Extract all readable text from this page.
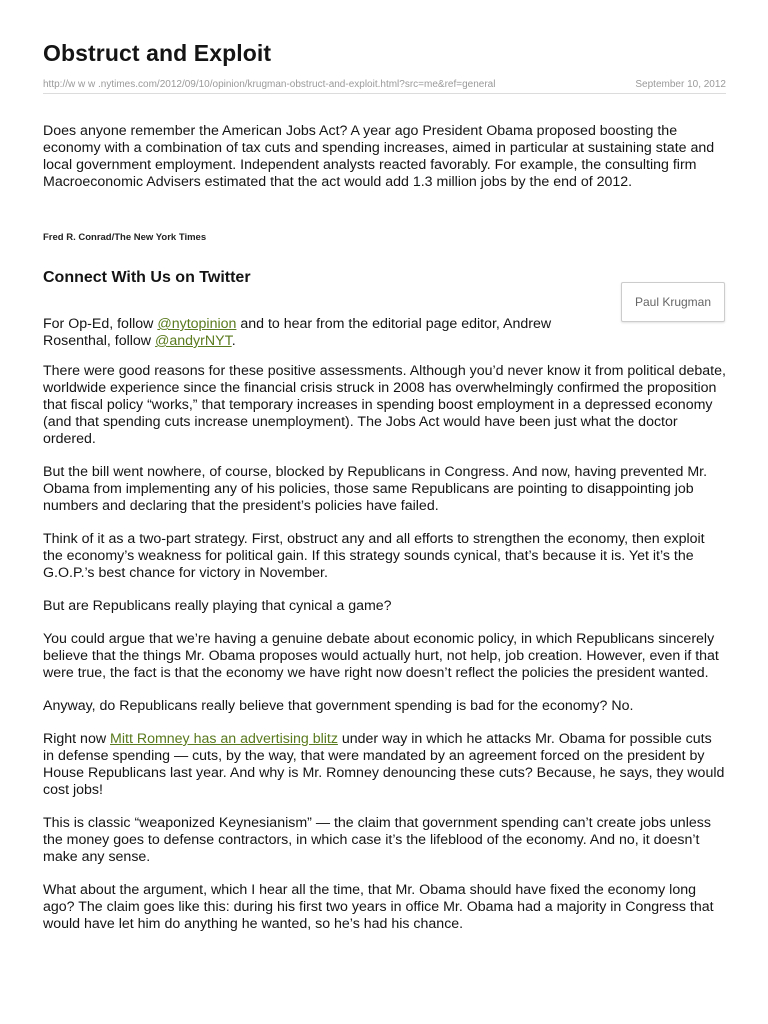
Obstruct and Exploit
http://w w w .nytimes.com/2012/09/10/opinion/krugman-obstruct-and-exploit.html?src=me&ref=general	September 10, 2012

Does anyone remember the American Jobs Act? A year ago President Obama proposed boosting the economy with a combination of tax cuts and spending increases, aimed in particular at sustaining state and local government employment. Independent analysts reacted favorably. For example, the consulting firm Macroeconomic Advisers estimated that the act would add 1.3 million jobs by the end of 2012.

Fred R. Conrad/The New York Times
Connect With Us on Twitter
Paul Krugman

For Op-Ed, follow @nytopinion and to hear from the editorial page editor, Andrew Rosenthal, follow @andyrNYT.

There were good reasons for these positive assessments. Although you’d never know it from political debate, worldwide experience since the financial crisis struck in 2008 has overwhelmingly confirmed the proposition that fiscal policy “works,” that temporary increases in spending boost employment in a depressed economy (and that spending cuts increase unemployment). The Jobs Act would have been just what the doctor ordered.

But the bill went nowhere, of course, blocked by Republicans in Congress. And now, having prevented Mr. Obama from implementing any of his policies, those same Republicans are pointing to disappointing job numbers and declaring that the president’s policies have failed.

Think of it as a two-part strategy. First, obstruct any and all efforts to strengthen the economy, then exploit the economy’s weakness for political gain. If this strategy sounds cynical, that’s because it is. Yet it’s the G.O.P.’s best chance for victory in November.

But are Republicans really playing that cynical a game?

You could argue that we’re having a genuine debate about economic policy, in which Republicans sincerely believe that the things Mr. Obama proposes would actually hurt, not help, job creation. However, even if that were true, the fact is that the economy we have right now doesn’t reflect the policies the president wanted.

Anyway, do Republicans really believe that government spending is bad for the economy? No.

Right now Mitt Romney has an advertising blitz under way in which he attacks Mr. Obama for possible cuts in defense spending — cuts, by the way, that were mandated by an agreement forced on the president by House Republicans last year. And why is Mr. Romney denouncing these cuts? Because, he says, they would cost jobs!

This is classic “weaponized Keynesianism” — the claim that government spending can’t create jobs unless the money goes to defense contractors, in which case it’s the lifeblood of the economy. And no, it doesn’t make any sense.

What about the argument, which I hear all the time, that Mr. Obama should have fixed the economy long ago? The claim goes like this: during his first two years in office Mr. Obama had a majority in Congress that would have let him do anything he wanted, so he’s had his chance.
